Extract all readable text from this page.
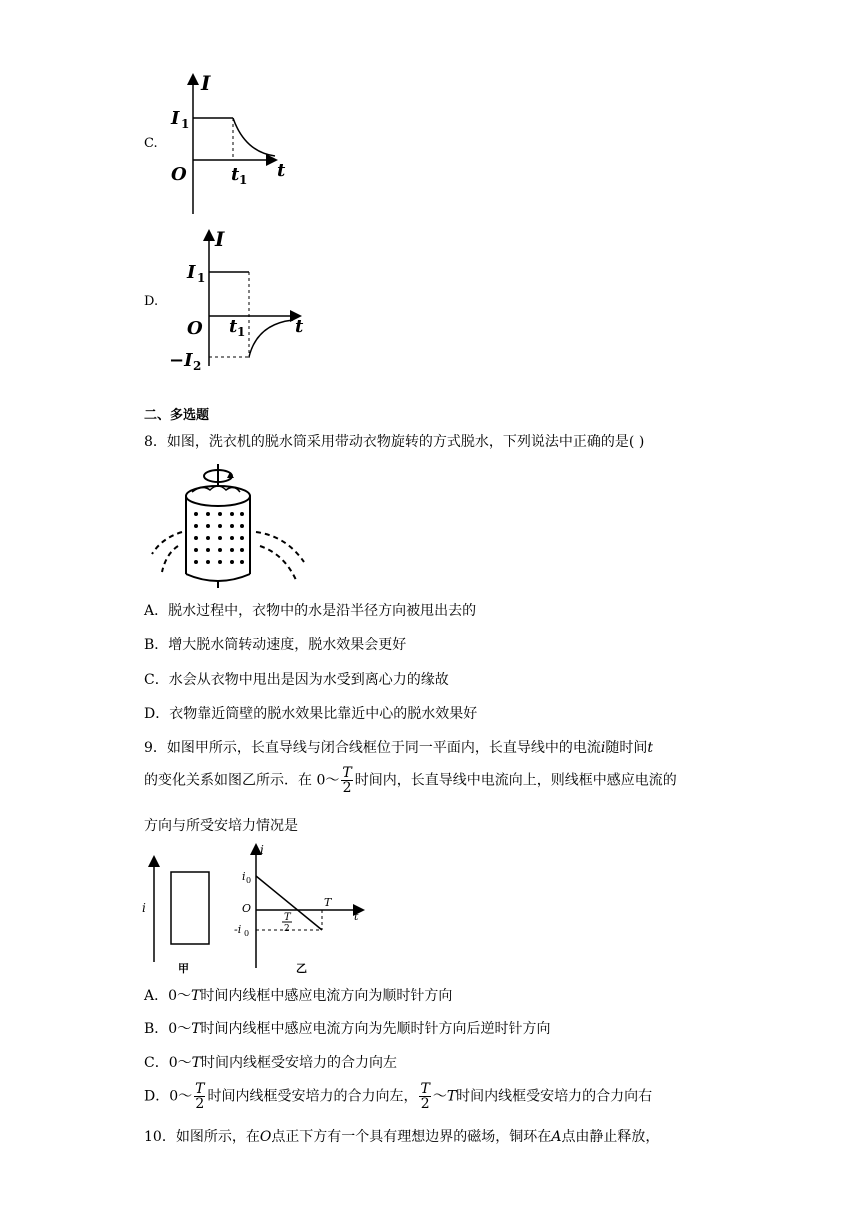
C.
I
t
O
I 1
t 1
D.
I
t
O
I 1
t 1
−I 2
二、多选题
8．如图，洗衣机的脱水筒采用带动衣物旋转的方式脱水，下列说法中正确的是( )
A．脱水过程中，衣物中的水是沿半径方向被甩出去的
B．增大脱水筒转动速度，脱水效果会更好
C．水会从衣物中甩出是因为水受到离心力的缘故
D．衣物靠近筒壁的脱水效果比靠近中心的脱水效果好
9．如图甲所示，长直导线与闭合线框位于同一平面内，长直导线中的电流i随时间t
的变化关系如图乙所示．在 0～ $\frac{T}{2}$ 时间内，长直导线中电流向上，则线框中感应电流的
方向与所受安培力情况是
i
甲
i
t
i 0
O
-i 0
T
T
2
乙
A．0～T时间内线框中感应电流方向为顺时针方向
B．0～T时间内线框中感应电流方向为先顺时针方向后逆时针方向
C．0～T时间内线框受安培力的合力向左
D．0～ $\frac{T}{2}$ 时间内线框受安培力的合力向左， $\frac{T}{2}$ ～T时间内线框受安培力的合力向右
10．如图所示，在O点正下方有一个具有理想边界的磁场，铜环在A点由静止释放，
